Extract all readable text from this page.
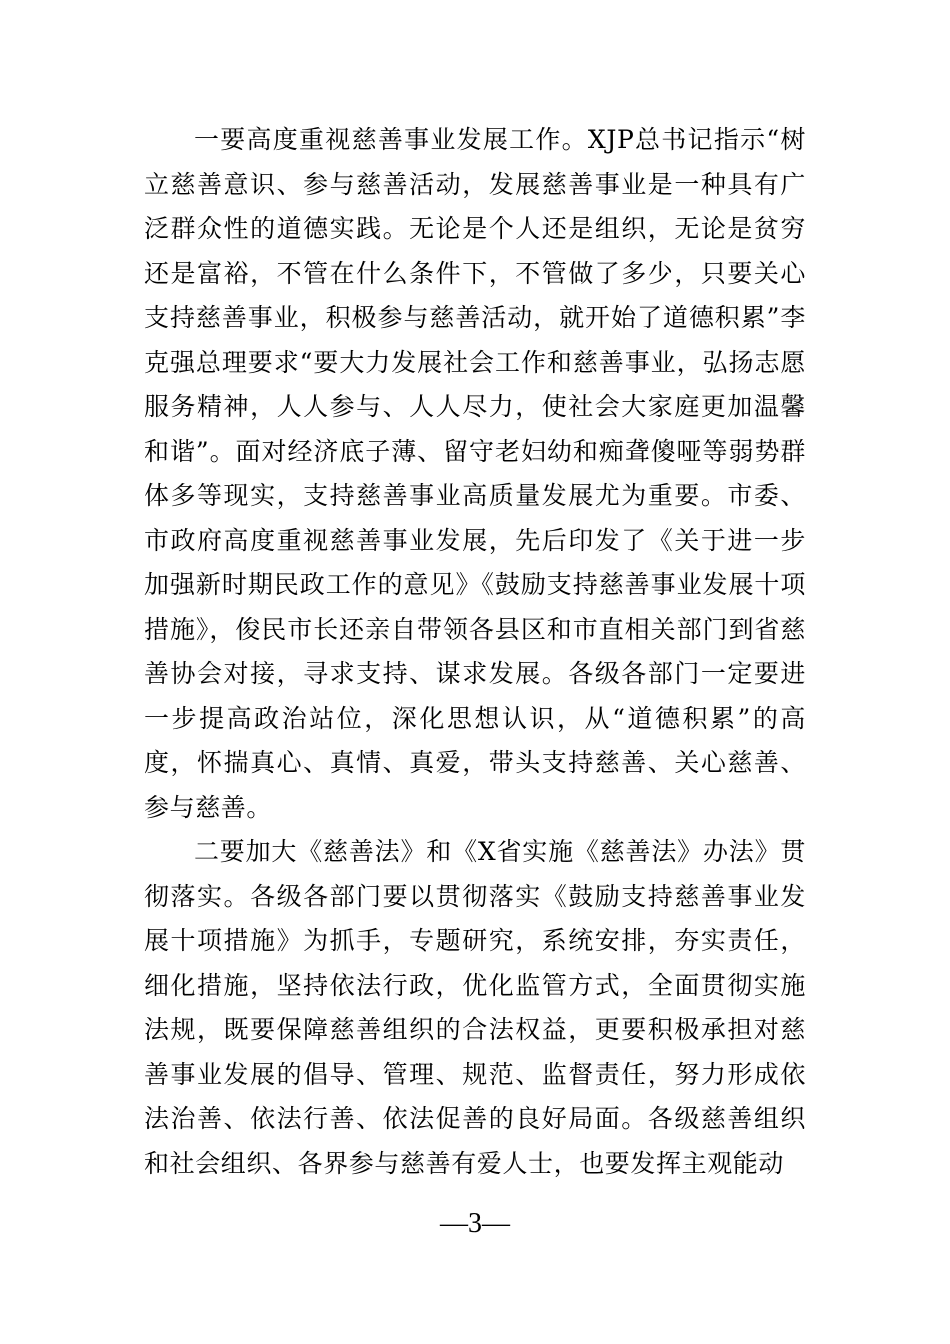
一要高度重视慈善事业发展工作。XJP总书记指示“树立慈善意识、参与慈善活动，发展慈善事业是一种具有广泛群众性的道德实践。无论是个人还是组织，无论是贫穷还是富裕，不管在什么条件下，不管做了多少，只要关心支持慈善事业，积极参与慈善活动，就开始了道德积累”李克强总理要求“要大力发展社会工作和慈善事业，弘扬志愿服务精神，人人参与、人人尽力，使社会大家庭更加温馨和谐”。面对经济底子薄、留守老妇幼和痴聋傻哑等弱势群体多等现实，支持慈善事业高质量发展尤为重要。市委、市政府高度重视慈善事业发展，先后印发了《关于进一步加强新时期民政工作的意见》《鼓励支持慈善事业发展十项措施》，俊民市长还亲自带领各县区和市直相关部门到省慈善协会对接，寻求支持、谋求发展。各级各部门一定要进一步提高政治站位，深化思想认识，从“道德积累”的高度，怀揣真心、真情、真爱，带头支持慈善、关心慈善、参与慈善。

二要加大《慈善法》和《X省实施《慈善法》办法》贯彻落实。各级各部门要以贯彻落实《鼓励支持慈善事业发展十项措施》为抓手，专题研究，系统安排，夯实责任，细化措施，坚持依法行政，优化监管方式，全面贯彻实施法规，既要保障慈善组织的合法权益，更要积极承担对慈善事业发展的倡导、管理、规范、监督责任，努力形成依法治善、依法行善、依法促善的良好局面。各级慈善组织和社会组织、各界参与慈善有爱人士，也要发挥主观能动

—3—
